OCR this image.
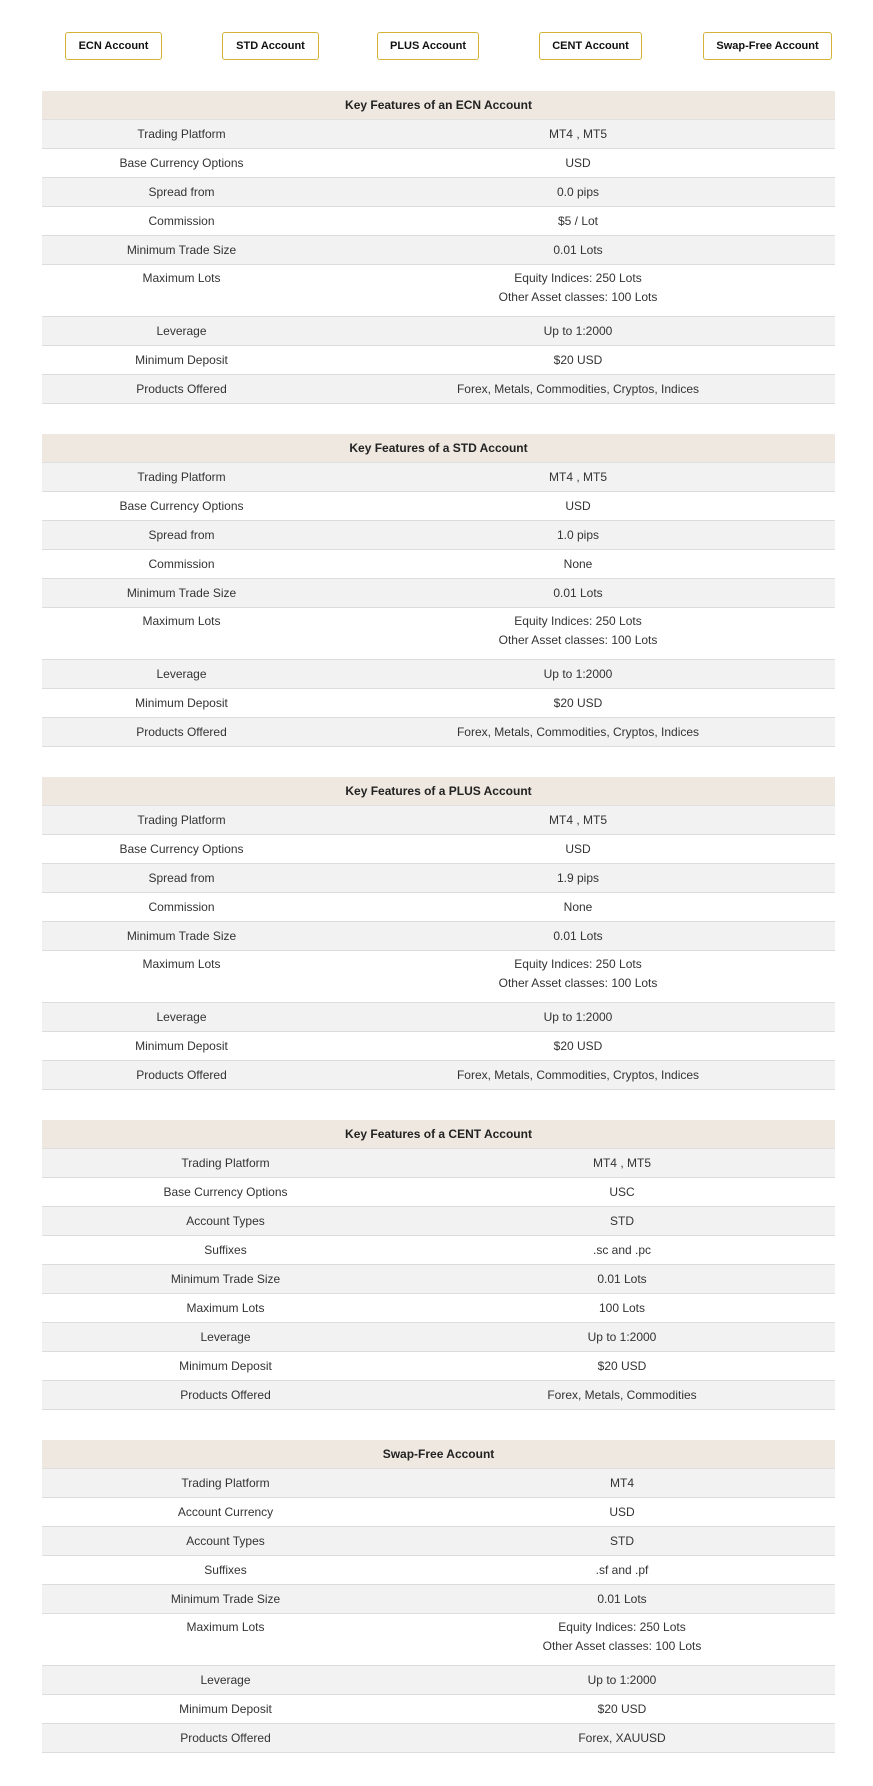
ECN Account	STD Account	PLUS Account	CENT Account	Swap-Free Account
Key Features of an ECN Account	
Trading Platform	MT4 , MT5

Base Currency Options	USD

Spread from	0.0 pips

Commission	$5 / Lot

Minimum Trade Size	0.01 Lots

Maximum Lots	Equity Indices: 250 Lots
Other Asset classes: 100 Lots

Leverage	Up to 1:2000

Minimum Deposit	$20 USD

Products Offered	Forex, Metals, Commodities, Cryptos, Indices
Key Features of a STD Account	
Trading Platform	MT4 , MT5

Base Currency Options	USD

Spread from	1.0 pips

Commission	None

Minimum Trade Size	0.01 Lots

Maximum Lots	Equity Indices: 250 Lots
Other Asset classes: 100 Lots

Leverage	Up to 1:2000

Minimum Deposit	$20 USD

Products Offered	Forex, Metals, Commodities, Cryptos, Indices
Key Features of a PLUS Account	
Trading Platform	MT4 , MT5

Base Currency Options	USD

Spread from	1.9 pips

Commission	None

Minimum Trade Size	0.01 Lots

Maximum Lots	Equity Indices: 250 Lots
Other Asset classes: 100 Lots

Leverage	Up to 1:2000

Minimum Deposit	$20 USD

Products Offered	Forex, Metals, Commodities, Cryptos, Indices
Key Features of a CENT Account	
Trading Platform	MT4 , MT5

Base Currency Options	USC

Account Types	STD

Suffixes	.sc and .pc

Minimum Trade Size	0.01 Lots

Maximum Lots	100 Lots

Leverage	Up to 1:2000

Minimum Deposit	$20 USD

Products Offered	Forex, Metals, Commodities
Swap-Free Account	
Trading Platform	MT4

Account Currency	USD

Account Types	STD

Suffixes	.sf and .pf

Minimum Trade Size	0.01 Lots

Maximum Lots	Equity Indices: 250 Lots
Other Asset classes: 100 Lots

Leverage	Up to 1:2000

Minimum Deposit	$20 USD

Products Offered	Forex, XAUUSD
